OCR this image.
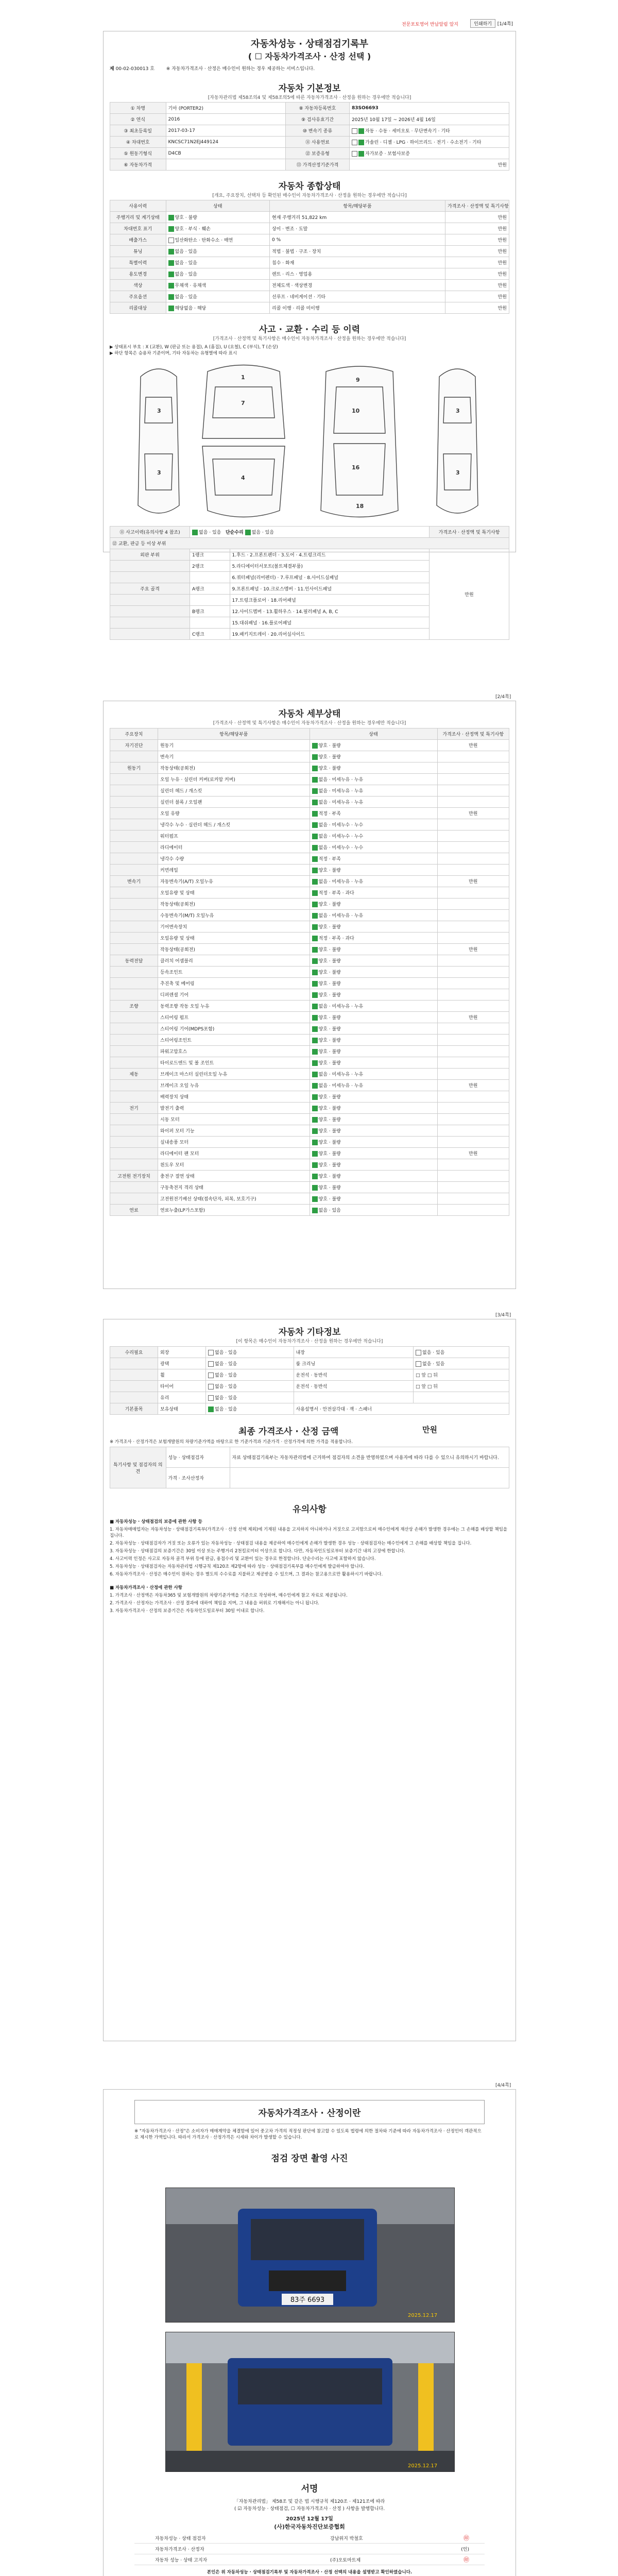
전문포토영어 반납알림 알지	인쇄하기	[1/4쪽]
자동차성능 · 상태점검기록부
( ☐ 자동차가격조사 · 산정 선택 )
제 00-02-030013 호	※ 자동차가격조사 · 산정은 매수인이 원하는 경우 제공하는 서비스입니다.
자동차 기본정보
[자동차관리법 제58조의4 및 제58조의5에 따른 자동차가격조사 · 산정을 원하는 경우에만 적습니다]
① 차명	기아 (PORTER2)	⑧ 자동차등록번호	83SO6693
② 연식	2016	⑨ 검사유효기간	2025년 10월 17일 ~ 2026년 4월 16일
③ 최초등록일	2017-03-17	⑩ 변속기 종류	자동 · 수동 · 세미오토 · 무단변속기 · 기타
④ 차대번호	KNCSC71N2EJ449124	⑪ 사용연료	가솔린 · 디젤 · LPG · 하이브리드 · 전기 · 수소전기 · 기타
⑤ 원동기형식	D4CB	⑫ 보증유형	자가보증 · 보험사보증
⑥ 자동차가격		⑬ 가격산정기준가격	만원
자동차 종합상태
[개요, 주요장치, 선택차 등 확인된 매수인이 자동차가격조사 · 산정을 원하는 경우에만 적습니다]
사용이력	상태	항목/해당부품	가격조사 · 산정액 및 특기사항
주행거리 및 계기상태	양호 · 불량	현재 주행거리 51,822 km	만원
차대번호 표기	양호 · 부식 · 훼손	상이 · 변조 · 도말	만원
배출가스	일산화탄소 · 탄화수소 · 매연	0 %	만원
튜닝	없음 · 있음	적법 · 불법 · 구조 · 장치	만원
특별이력	없음 · 있음	침수 · 화재	만원
용도변경	없음 · 있음	렌트 · 리스 · 영업용	만원
색상	무채색 · 유채색	전체도색 · 색상변경	만원
주요옵션	없음 · 있음	선루프 · 네비게이션 · 기타	만원
리콜대상	해당없음 · 해당	리콜 이행 · 리콜 미이행	만원
사고 · 교환 · 수리 등 이력
[가격조사 · 산정액 및 특기사항은 매수인이 자동차가격조사 · 산정을 원하는 경우에만 적습니다]
▶ 상태표시 부호 : X (교환), W (판금 또는 용접), A (흠집), U (요철), C (부식), T (손상)
▶ 하단 항목은 승용차 기준이며, 기타 자동차는 유형별에 따라 표시
3
3
1
7
4
9
10
16
18
3
3
⑪ 사고이력(유의사항 4 참조)	없음 · 있음 단순수리 없음 · 있음		가격조사 · 산정액 및 특기사항
⑫ 교환, 판금 등 이상 부위			
외판 부위	1랭크	1.후드 · 2.프론트펜더 · 3.도어 · 4.트렁크리드	만원
	2랭크	5.라디에이터서포트(볼트체결부품)	
		6.쿼터패널(리어펜더) · 7.루프패널 · 8.사이드실패널	
주요 골격	A랭크	9.프론트패널 · 10.크로스멤버 · 11.인사이드패널	
		17.트렁크플로어 · 18.리어패널	
	B랭크	12.사이드멤버 · 13.휠하우스 · 14.필러패널 A, B, C	
		15.대쉬패널 · 16.플로어패널	
	C랭크	19.패키지트레이 · 20.리어실사이드	
[2/4쪽]
자동차 세부상태
[가격조사 · 산정액 및 특기사항은 매수인이 자동차가격조사 · 산정을 원하는 경우에만 적습니다]
주요장치	항목/해당부품	상태	가격조사 · 산정액 및 특기사항
자기진단	원동기	양호 · 불량	만원
	변속기	양호 · 불량	
원동기	작동상태(공회전)	양호 · 불량	
	오일 누유 · 실린더 커버(로커암 커버)	없음 · 미세누유 · 누유	
	실린더 헤드 / 개스킷	없음 · 미세누유 · 누유	
	실린더 블록 / 오일팬	없음 · 미세누유 · 누유	
	오일 유량	적정 · 부족	만원
	냉각수 누수 · 실린더 헤드 / 개스킷	없음 · 미세누수 · 누수	
	워터펌프	없음 · 미세누수 · 누수	
	라디에이터	없음 · 미세누수 · 누수	
	냉각수 수량	적정 · 부족	
	커먼레일	양호 · 불량	
변속기	자동변속기(A/T) 오일누유	없음 · 미세누유 · 누유	만원
	오일유량 및 상태	적정 · 부족 · 과다	
	작동상태(공회전)	양호 · 불량	
	수동변속기(M/T) 오일누유	없음 · 미세누유 · 누유	
	기어변속장치	양호 · 불량	
	오일유량 및 상태	적정 · 부족 · 과다	
	작동상태(공회전)	양호 · 불량	만원
동력전달	클러치 어셈블리	양호 · 불량	
	등속조인트	양호 · 불량	
	추진축 및 베어링	양호 · 불량	
	디퍼렌셜 기어	양호 · 불량	
조향	동력조향 작동 오일 누유	없음 · 미세누유 · 누유	
	스티어링 펌프	양호 · 불량	만원
	스티어링 기어(MDPS포함)	양호 · 불량	
	스티어링조인트	양호 · 불량	
	파워고압호스	양호 · 불량	
	타이로드엔드 및 볼 조인트	양호 · 불량	
제동	브레이크 마스터 실린더오일 누유	없음 · 미세누유 · 누유	
	브레이크 오일 누유	없음 · 미세누유 · 누유	만원
	배력장치 상태	양호 · 불량	
전기	발전기 출력	양호 · 불량	
	시동 모터	양호 · 불량	
	와이퍼 모터 기능	양호 · 불량	
	실내송풍 모터	양호 · 불량	
	라디에이터 팬 모터	양호 · 불량	만원
	윈도우 모터	양호 · 불량	
고전원 전기장치	충전구 절연 상태	양호 · 불량	
	구동축전지 격리 상태	양호 · 불량	
	고전원전기배선 상태(접속단자, 피복, 보호기구)	양호 · 불량	
연료	연료누출(LP가스포함)	없음 · 있음	
[3/4쪽]
자동차 기타정보
[이 항목은 매수인이 자동차가격조사 · 산정을 원하는 경우에만 적습니다]
수리필요	외장	없음 · 있음	내장	없음 · 있음
	광택	없음 · 있음	룸 크리닝	없음 · 있음
	휠	없음 · 있음	운전석 · 동반석	□ 앞 □ 뒤
	타이어	없음 · 있음	운전석 · 동반석	□ 앞 □ 뒤
	유리	없음 · 있음		
기본품목	보유상태	없음 · 있음	사용설명서 · 안전삼각대 · 잭 · 스패너	
최종 가격조사 · 산정 금액	만원
※ 가격조사 · 산정가격은 보험개발원의 차량기준가액을 바탕으로 한 기준가격과 기준가격 · 산정가격에 의한 가격을 적용합니다.
특기사항 및 점검자의 의견	성능 · 상태점검자	자료 상태점검기록부는 자동차관리법에 근거하여 점검자의 소견을 반영하였으며 사용자에 따라 다를 수 있으니 유의하시기 바랍니다.
	가격 · 조사산정자	
유의사항

■ 자동차성능 · 상태점검의 보증에 관한 사항 등

1. 자동차매매업자는 자동차성능 · 상태점검기록부(가격조사 · 산정 선택 제외)에 기재된 내용을 고지하지 아니하거나 거짓으로 고지함으로써 매수인에게 재산상 손해가 발생한 경우에는 그 손해를 배상할 책임을 집니다.

2. 자동차성능 · 상태점검자가 거짓 또는 오류가 있는 자동차성능 · 상태점검 내용을 제공하여 매수인에게 손해가 발생한 경우 성능 · 상태점검자는 매수인에게 그 손해를 배상할 책임을 집니다.

3. 자동차성능 · 상태점검의 보증기간은 30일 이상 또는 주행거리 2천킬로미터 이상으로 합니다. 다만, 자동차인도일로부터 보증기간 내의 고장에 한합니다.

4. 사고이력 인정은 사고로 자동차 골격 부위 등에 판금, 용접수리 및 교환이 있는 경우로 한정합니다. 단순수리는 사고에 포함하지 않습니다.

5. 자동차성능 · 상태점검자는 자동차관리법 시행규칙 제120조 제2항에 따라 성능 · 상태점검기록부를 매수인에게 발급하여야 합니다.

6. 자동차가격조사 · 산정은 매수인이 원하는 경우 별도의 수수료를 지불하고 제공받을 수 있으며, 그 결과는 참고용으로만 활용하시기 바랍니다.

■ 자동차가격조사 · 산정에 관한 사항

1. 가격조사 · 산정액은 자동차365 및 보험개발원의 차량기준가액을 기준으로 작성하며, 매수인에게 참고 자료로 제공됩니다.

2. 가격조사 · 산정자는 가격조사 · 산정 결과에 대하여 책임을 지며, 그 내용을 허위로 기재해서는 아니 됩니다.

3. 자동차가격조사 · 산정의 보증기간은 자동차인도일로부터 30일 이내로 합니다.

[4/4쪽]
자동차가격조사 · 산정이란
※ "자동차가격조사 · 산정"은 소비자가 매매계약을 체결함에 있어 중고차 가격의 적정성 판단에 참고할 수 있도록 법령에 의한 절차와 기준에 따라 자동차가격조사 · 산정인이 객관적으로 제시한 가액입니다. 따라서 가격조사 · 산정가격은 시세와 차이가 발생할 수 있습니다.
점검 장면 촬영 사진
83주 6693
2025.12.17
2025.12.17
서명
「자동차관리법」 제58조 및 같은 법 시행규칙 제120조 · 제121조에 따라
( ☑ 자동차성능 · 상태점검, ☐ 자동차가격조사 · 산정 ) 사항을 발행합니다.
2025년 12월 17일
(사)한국자동차진단보증협회
자동차성능 · 상태 점검자	강남위지 박철호	㊞
자동차가격조사 · 산정자	(인)
자동차 성능 · 상태 고지자	(주)오토마트제	㊞
본인은 위 자동차성능 · 상태점검기록부 및 자동차가격조사 · 산정 선택의 내용을 설명받고 확인하였습니다.
